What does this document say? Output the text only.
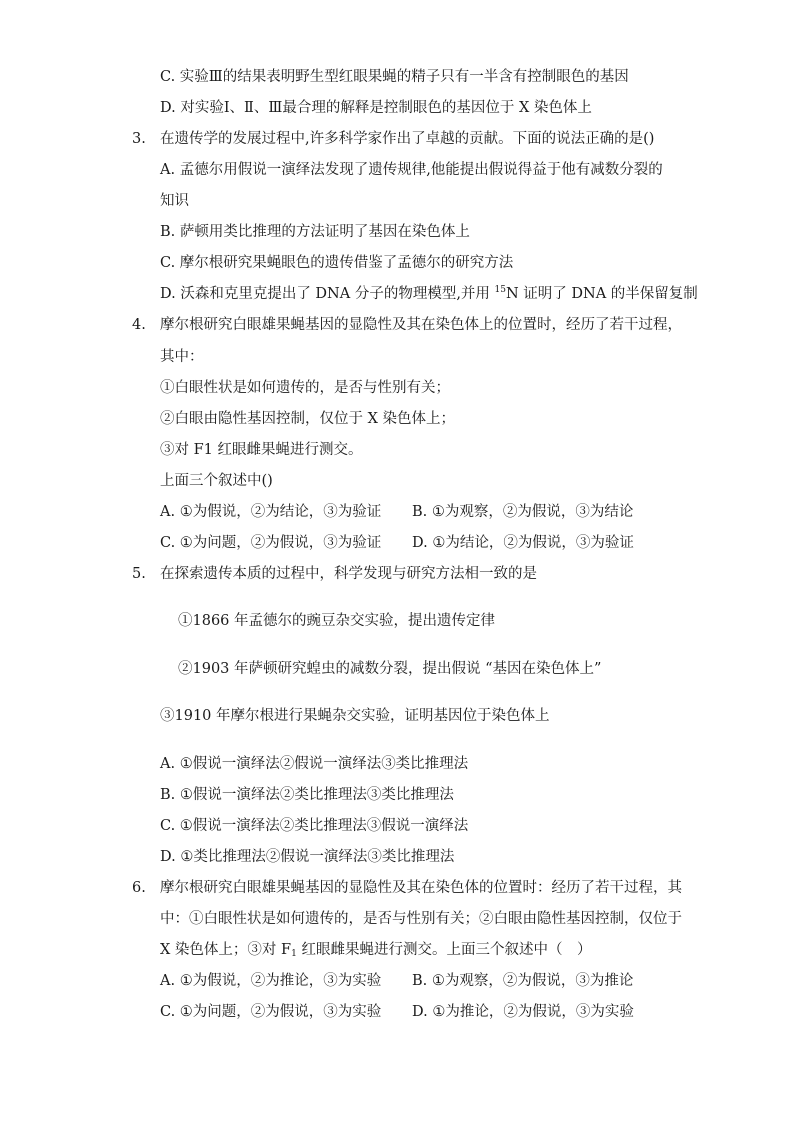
C. 实验Ⅲ的结果表明野生型红眼果蝇的精子只有一半含有控制眼色的基因
D. 对实验Ⅰ、Ⅱ、Ⅲ最合理的解释是控制眼色的基因位于 X 染色体上
3. 在遗传学的发展过程中,许多科学家作出了卓越的贡献。下面的说法正确的是()
A. 孟德尔用假说一演绎法发现了遗传规律,他能提出假说得益于他有减数分裂的
知识
B. 萨顿用类比推理的方法证明了基因在染色体上
C. 摩尔根研究果蝇眼色的遗传借鉴了孟德尔的研究方法
D. 沃森和克里克提出了 DNA 分子的物理模型,并用 $^{15}$N 证明了 DNA 的半保留复制
4. 摩尔根研究白眼雄果蝇基因的显隐性及其在染色体上的位置时，经历了若干过程，
其中：
①白眼性状是如何遗传的，是否与性别有关；
②白眼由隐性基因控制，仅位于 X 染色体上；
③对 F1 红眼雌果蝇进行测交。
上面三个叙述中()
A. ①为假说，②为结论，③为验证 B. ①为观察，②为假说，③为结论
C. ①为问题，②为假说，③为验证 D. ①为结论，②为假说，③为验证
5. 在探索遗传本质的过程中，科学发现与研究方法相一致的是
①1866 年孟德尔的豌豆杂交实验，提出遗传定律
②1903 年萨顿研究蝗虫的减数分裂，提出假说 “基因在染色体上”
③1910 年摩尔根进行果蝇杂交实验，证明基因位于染色体上
A. ①假说一演绎法②假说一演绎法③类比推理法
B. ①假说一演绎法②类比推理法③类比推理法
C. ①假说一演绎法②类比推理法③假说一演绎法
D. ①类比推理法②假说一演绎法③类比推理法
6. 摩尔根研究白眼雄果蝇基因的显隐性及其在染色体的位置时：经历了若干过程，其
中：①白眼性状是如何遗传的，是否与性别有关；②白眼由隐性基因控制，仅位于
X 染色体上；③对 $F_1$ 红眼雌果蝇进行测交。上面三个叙述中（　）
A. ①为假说，②为推论，③为实验 B. ①为观察，②为假说，③为推论
C. ①为问题，②为假说，③为实验 D. ①为推论，②为假说，③为实验
